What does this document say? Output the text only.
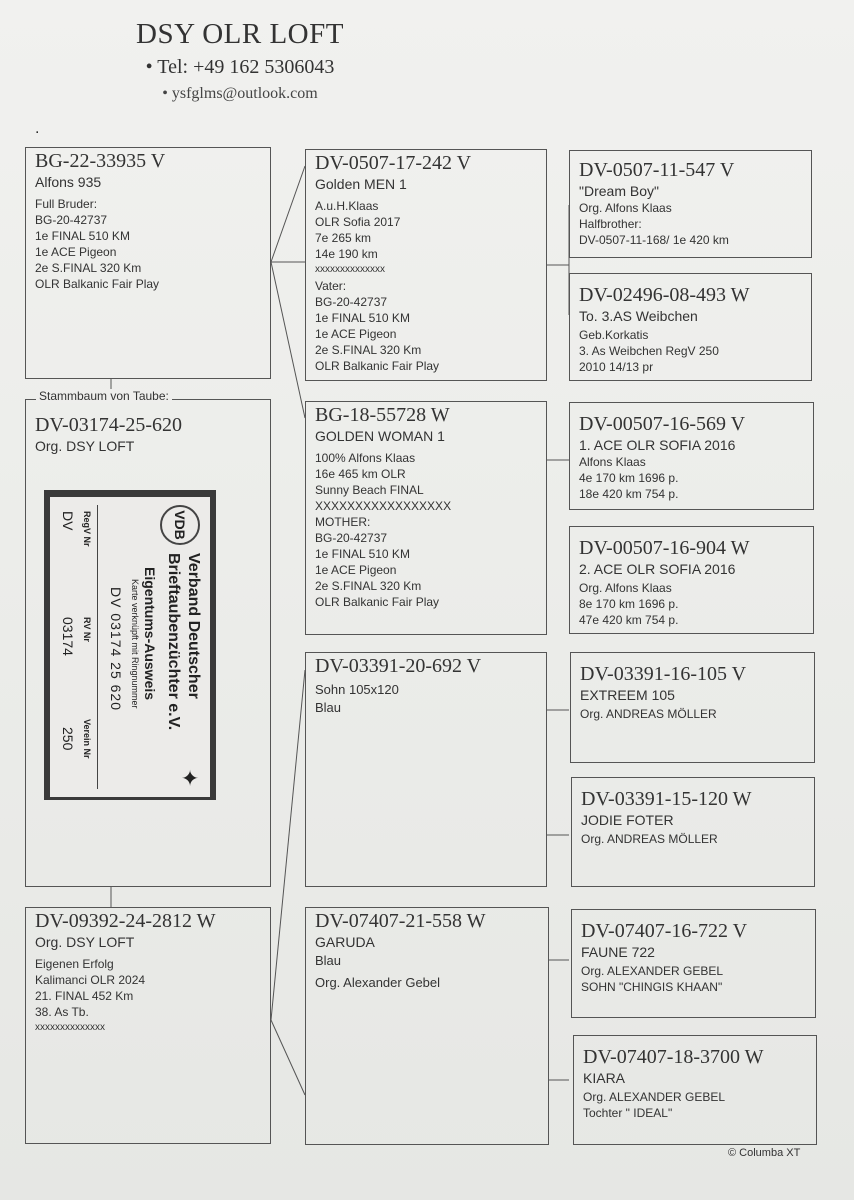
DSY OLR LOFT
• Tel: +49 162 5306043
• ysfglms@outlook.com
.
BG-22-33935 V
Alfons 935
Full Bruder:
BG-20-42737
1e FINAL 510 KM
1e ACE Pigeon
2e S.FINAL 320 Km
OLR Balkanic Fair Play
DV-03174-25-620
Org. DSY LOFT
Stammbaum von Taube:
VDB
Verband Deutscher
Brieftaubenzüchter e.V.
✦
Eigentums-Ausweis
Karte verknüpft mit Ringnummer
DV 03174 25 620
RegV Nr
RV Nr
Verein Nr
DV
03174
250
DV-09392-24-2812 W
Org. DSY LOFT
Eigenen Erfolg
Kalimanci OLR 2024
21. FINAL 452 Km
38. As Tb.
xxxxxxxxxxxxxx
DV-0507-17-242 V
Golden MEN 1
A.u.H.Klaas
OLR Sofia 2017
7e 265 km
14e 190 km
xxxxxxxxxxxxxx
Vater:
BG-20-42737
1e FINAL 510 KM
1e ACE Pigeon
2e S.FINAL 320 Km
OLR Balkanic Fair Play
BG-18-55728 W
GOLDEN WOMAN 1
100% Alfons Klaas
16e 465 km OLR
Sunny Beach FINAL
XXXXXXXXXXXXXXXXX
MOTHER:
BG-20-42737
1e FINAL 510 KM
1e ACE Pigeon
2e S.FINAL 320 Km
OLR Balkanic Fair Play
DV-03391-20-692 V
Sohn 105x120
Blau
DV-07407-21-558 W
GARUDA
Blau
Org. Alexander Gebel
DV-0507-11-547 V
"Dream Boy"
Org. Alfons Klaas
Halfbrother:
DV-0507-11-168/ 1e 420 km
DV-02496-08-493 W
To. 3.AS Weibchen
Geb.Korkatis
3. As Weibchen RegV 250
2010 14/13 pr
DV-00507-16-569 V
1. ACE OLR SOFIA 2016
Alfons Klaas
4e 170 km 1696 p.
18e 420 km 754 p.
DV-00507-16-904 W
2. ACE OLR SOFIA 2016
Org. Alfons Klaas
8e 170 km 1696 p.
47e 420 km 754 p.
DV-03391-16-105 V
EXTREEM 105
Org. ANDREAS MÖLLER
DV-03391-15-120 W
JODIE FOTER
Org. ANDREAS MÖLLER
DV-07407-16-722 V
FAUNE 722
Org. ALEXANDER GEBEL
SOHN "CHINGIS KHAAN"
DV-07407-18-3700 W
KIARA
Org. ALEXANDER GEBEL
Tochter " IDEAL"
© Columba XT
